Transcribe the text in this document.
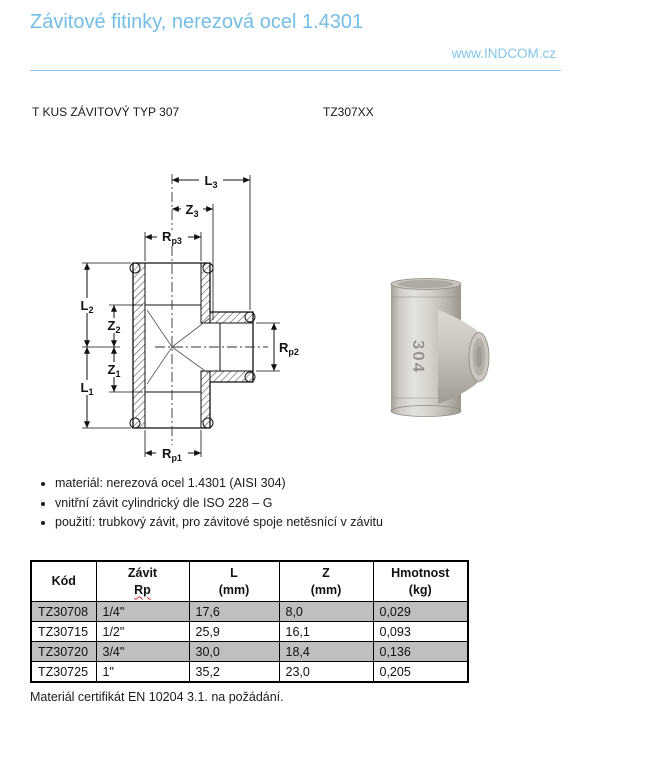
Závitové fitinky, nerezová ocel 1.4301
www.INDCOM.cz
T KUS ZÁVITOVÝ TYP 307	TZ307XX
$L_3$
$Z_3$
$R_{p3}$
$L_2$
$Z_2$
$Z_1$
$L_1$
$R_{p2}$
$R_{p1}$
304
• materiál: nerezová ocel 1.4301 (AISI 304)
• vnitřní závit cylindrický dle ISO 228 – G
• použití: trubkový závit, pro závitové spoje netěsnící v závitu
Kód

Závit
Rp

L
(mm)

Z
(mm)

Hmotnost
(kg)

TZ30708	1/4"	17,6	8,0	0,029
TZ30715	1/2"	25,9	16,1	0,093
TZ30720	3/4"	30,0	18,4	0,136
TZ30725	1"	35,2	23,0	0,205
Materiál certifikát EN 10204 3.1. na požádání.
